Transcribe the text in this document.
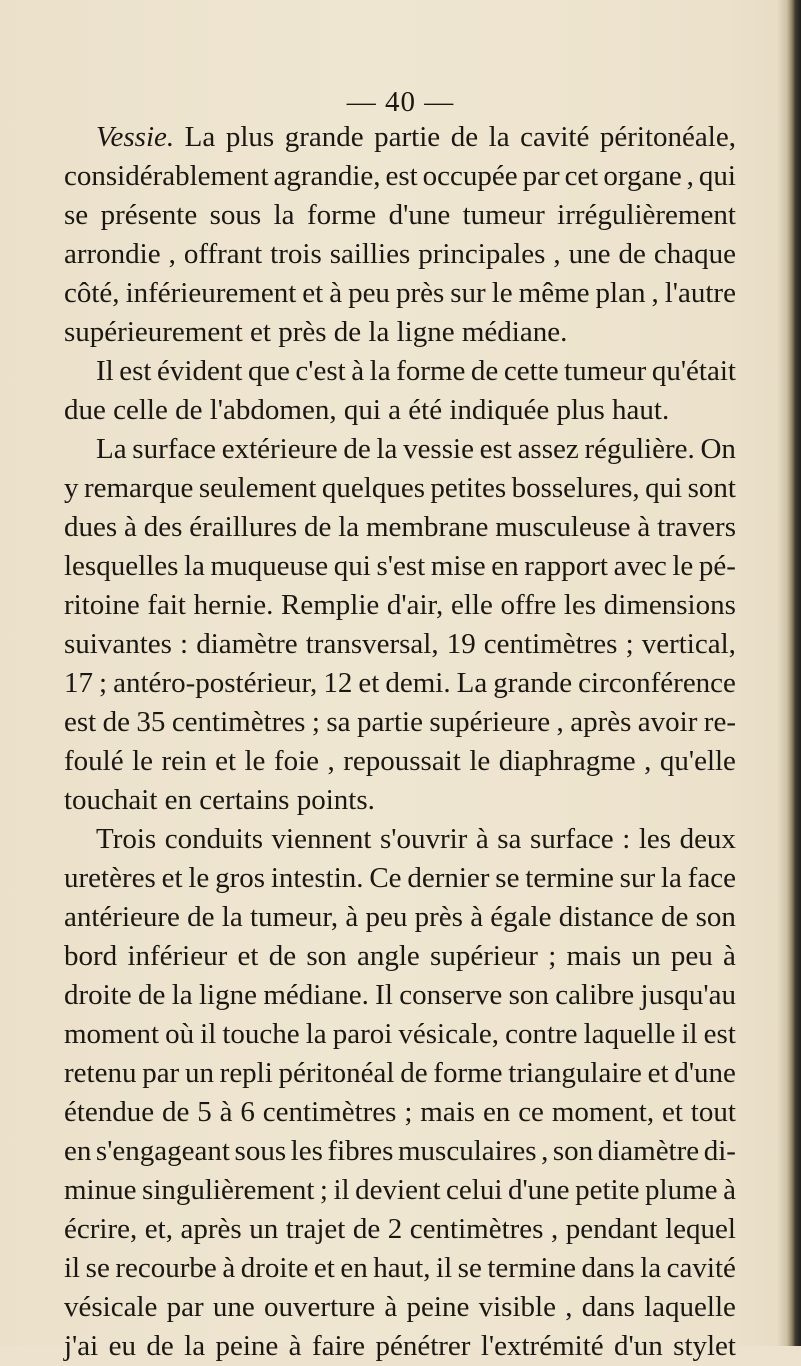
— 40 —
Vessie. La plus grande partie de la cavité péritonéale,
considérablement agrandie, est occupée par cet organe , qui
se présente sous la forme d'une tumeur irrégulièrement
arrondie , offrant trois saillies principales , une de chaque
côté, inférieurement et à peu près sur le même plan , l'autre
supérieurement
et
près
de
la
ligne
médiane.
Il est évident que c'est à la forme de cette tumeur qu'était
due
celle
de
l'abdomen,
qui
a
été
indiquée
plus
haut.
La surface extérieure de la vessie est assez régulière. On
y remarque seulement quelques petites bosselures, qui sont
dues à des éraillures de la membrane musculeuse à travers
lesquelles la muqueuse qui s'est mise en rapport avec le pé-
ritoine fait hernie. Remplie d'air, elle offre les dimensions
suivantes : diamètre transversal, 19 centimètres ; vertical,
17 ; antéro-postérieur, 12 et demi. La grande circonférence
est de 35 centimètres ; sa partie supérieure , après avoir re-
foulé le rein et le foie , repoussait le diaphragme , qu'elle
touchait
en
certains
points.
Trois conduits viennent s'ouvrir à sa surface : les deux
uretères et le gros intestin. Ce dernier se termine sur la face
antérieure de la tumeur, à peu près à égale distance de son
bord inférieur et de son angle supérieur ; mais un peu à
droite de la ligne médiane. Il conserve son calibre jusqu'au
moment où il touche la paroi vésicale, contre laquelle il est
retenu par un repli péritonéal de forme triangulaire et d'une
étendue de 5 à 6 centimètres ; mais en ce moment, et tout
en s'engageant sous les fibres musculaires , son diamètre di-
minue singulièrement ; il devient celui d'une petite plume à
écrire, et, après un trajet de 2 centimètres , pendant lequel
il se recourbe à droite et en haut, il se termine dans la cavité
vésicale par une ouverture à peine visible , dans laquelle
j'ai eu de la peine à faire pénétrer l'extrémité d'un stylet
